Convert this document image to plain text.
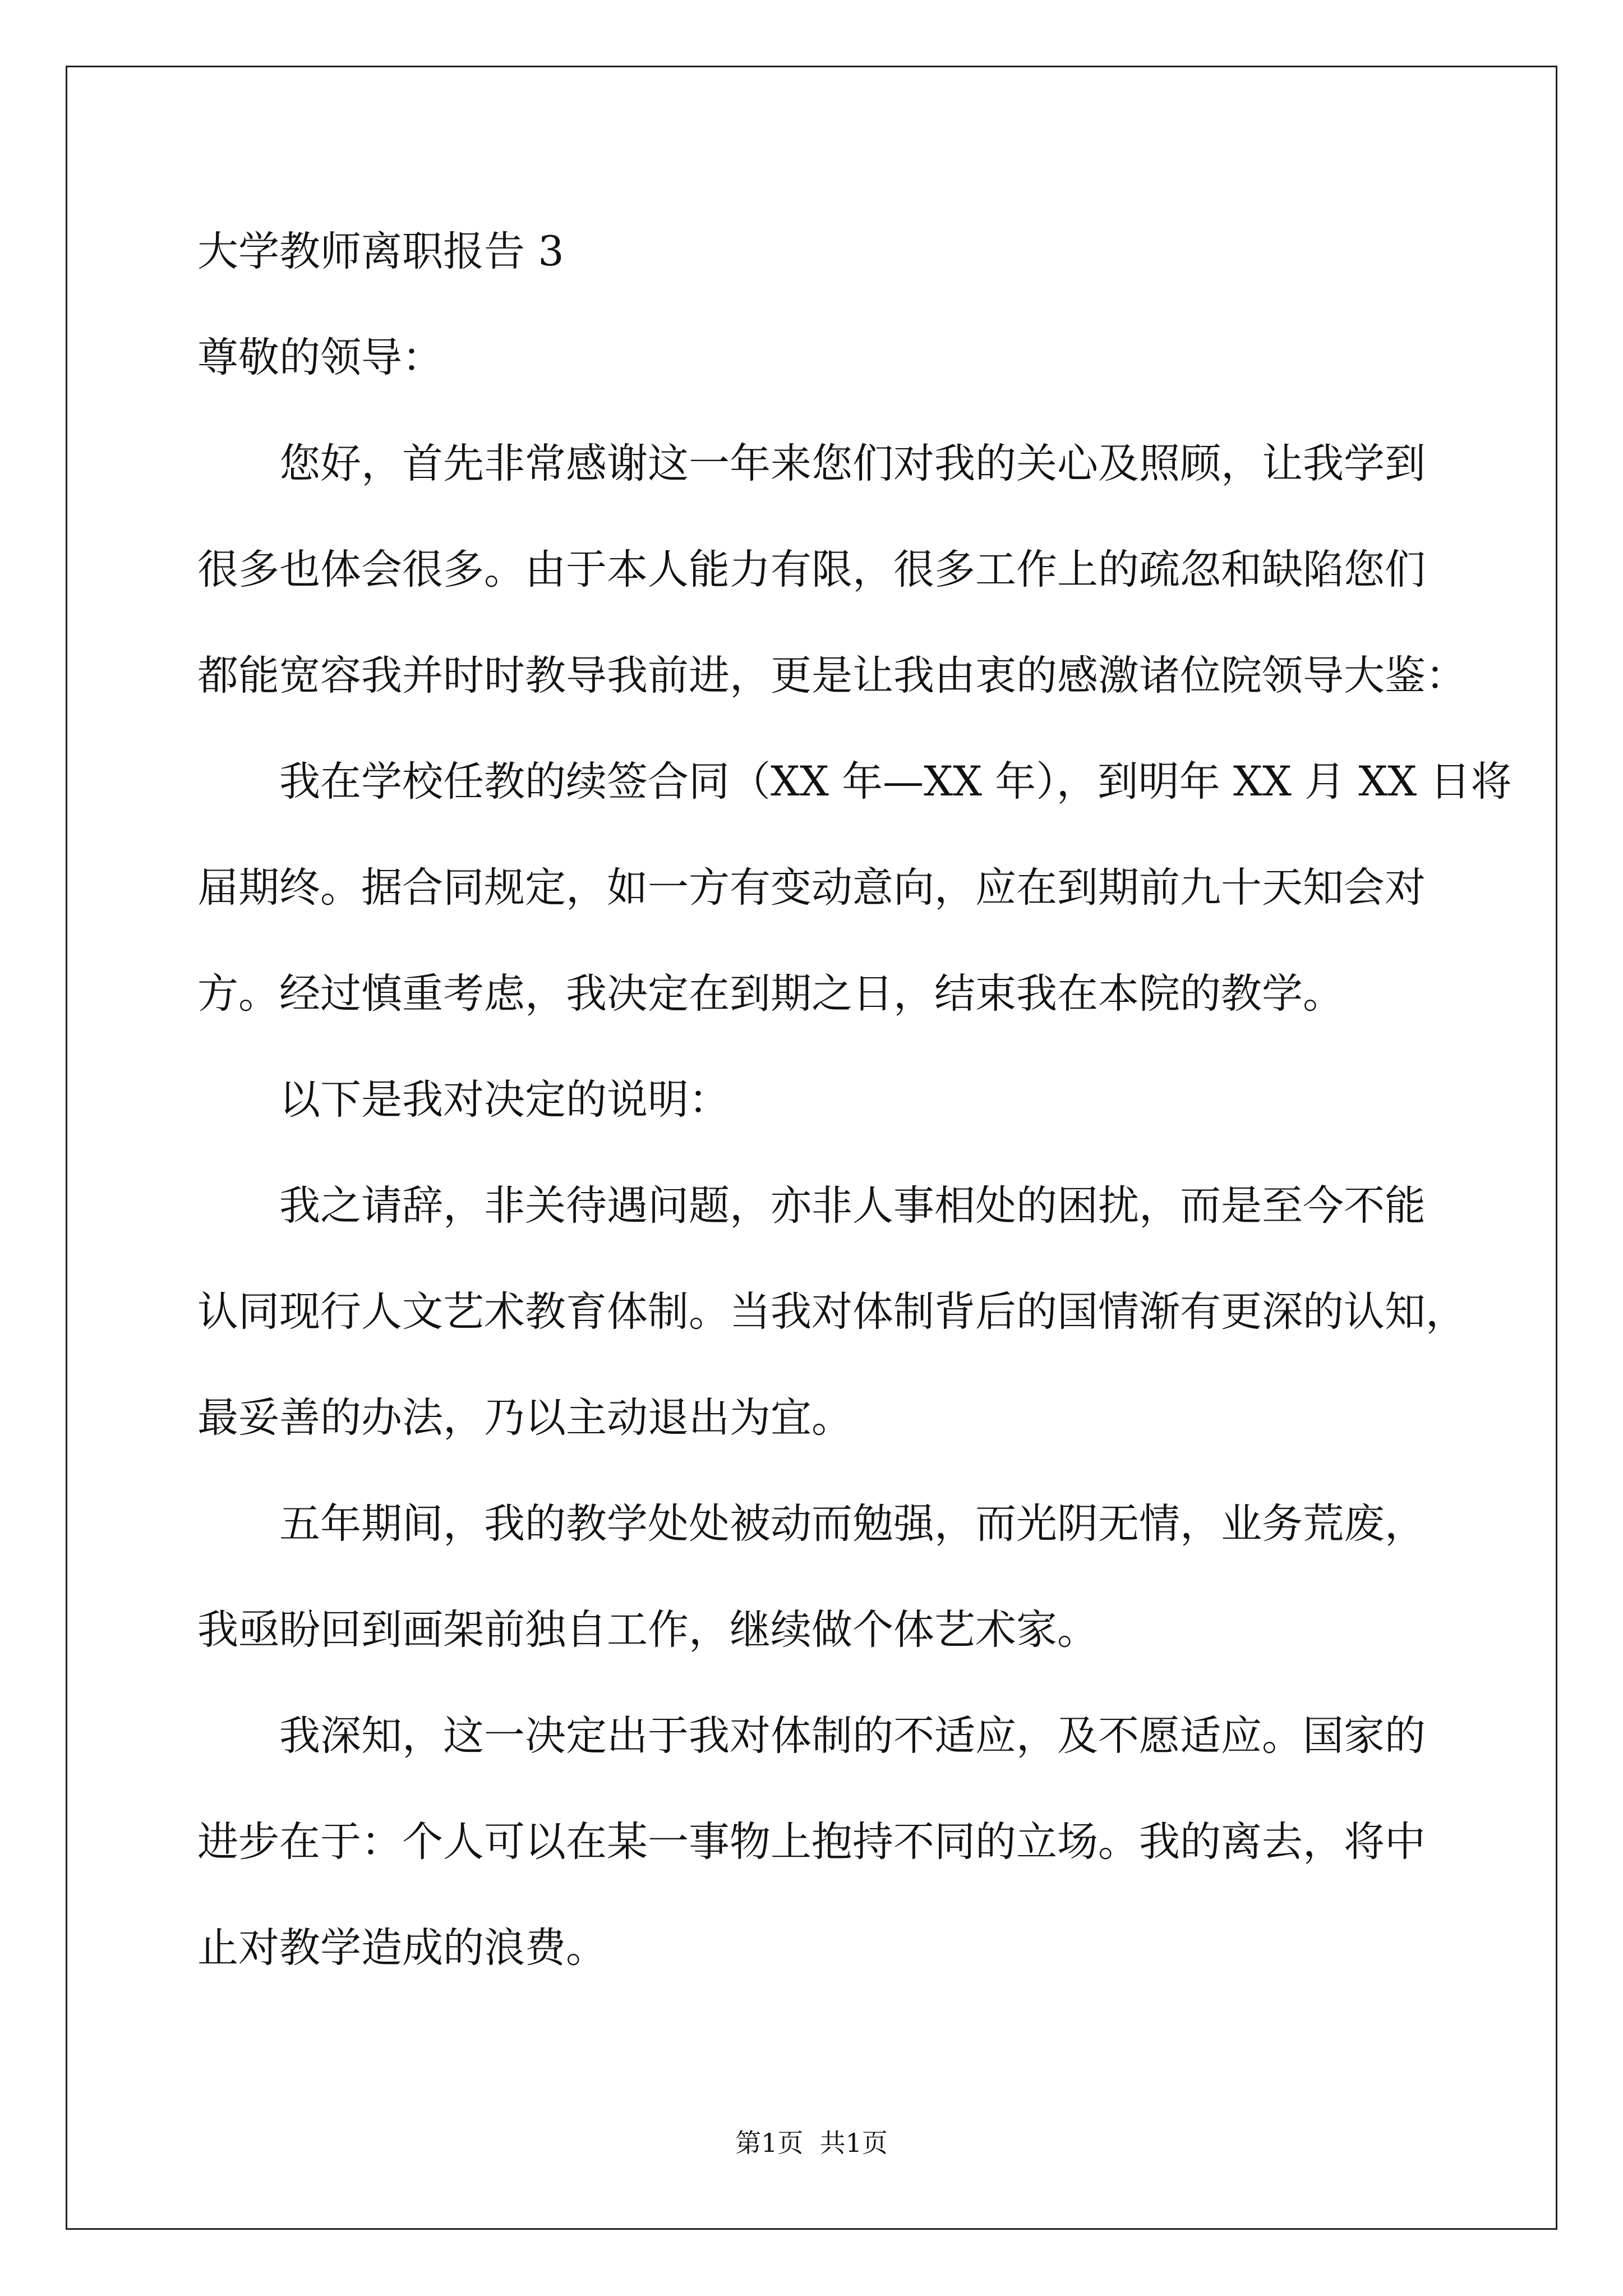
大学教师离职报告 3
尊敬的领导：
您好，首先非常感谢这一年来您们对我的关心及照顾，让我学到
很多也体会很多。由于本人能力有限，很多工作上的疏忽和缺陷您们
都能宽容我并时时教导我前进，更是让我由衷的感激诸位院领导大鉴：
我在学校任教的续签合同（XX 年—XX 年），到明年 XX 月 XX 日将
届期终。据合同规定，如一方有变动意向，应在到期前九十天知会对
方。经过慎重考虑，我决定在到期之日，结束我在本院的教学。
以下是我对决定的说明：
我之请辞，非关待遇问题，亦非人事相处的困扰，而是至今不能
认同现行人文艺术教育体制。当我对体制背后的国情渐有更深的认知，
最妥善的办法，乃以主动退出为宜。
五年期间，我的教学处处被动而勉强，而光阴无情，业务荒废，
我亟盼回到画架前独自工作，继续做个体艺术家。
我深知，这一决定出于我对体制的不适应，及不愿适应。国家的
进步在于：个人可以在某一事物上抱持不同的立场。我的离去，将中
止对教学造成的浪费。
第1页  共1页
